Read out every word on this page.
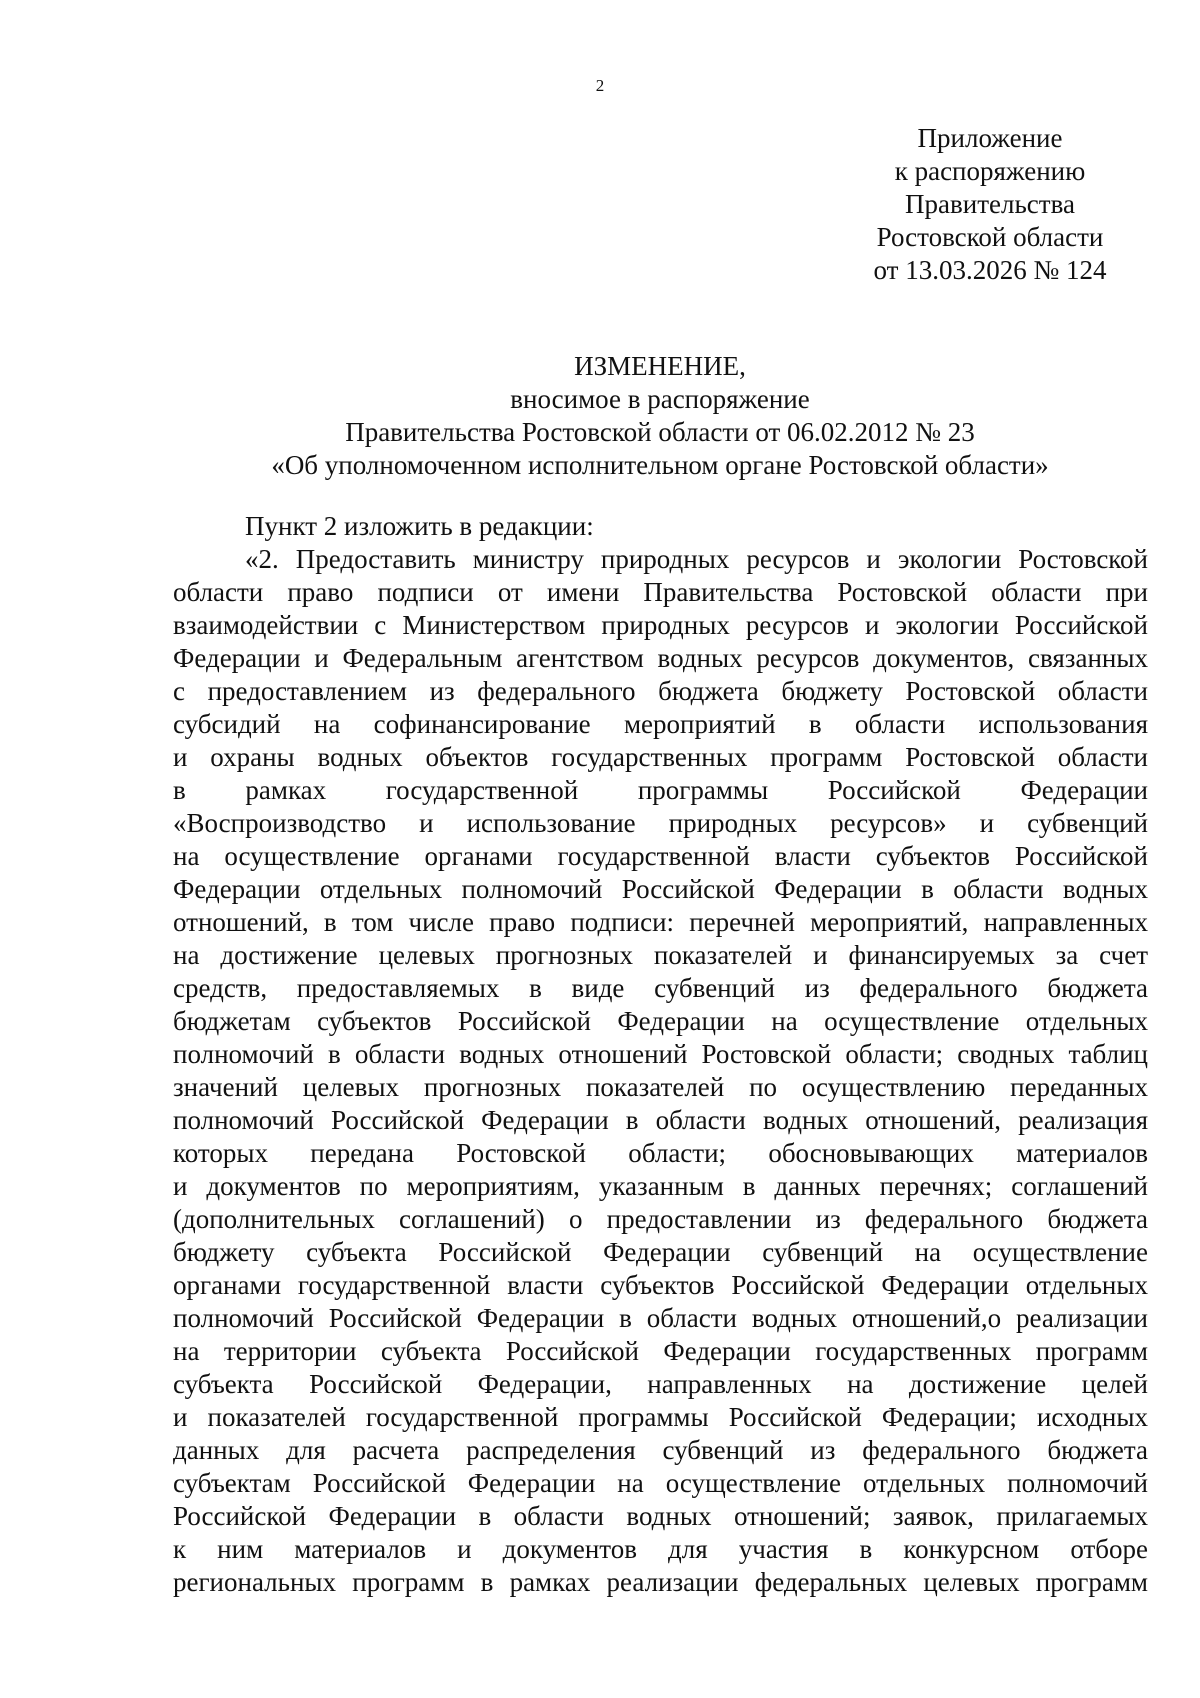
2
Приложение
к распоряжению
Правительства
Ростовской области
от 13.03.2026 № 124
ИЗМЕНЕНИЕ,
вносимое в распоряжение
Правительства Ростовской области от 06.02.2012 № 23
«Об уполномоченном исполнительном органе Ростовской области»
Пункт 2 изложить в редакции:
«2. Предоставить министру природных ресурсов и экологии Ростовской
области право подписи от имени Правительства Ростовской области при
взаимодействии с Министерством природных ресурсов и экологии Российской
Федерации и Федеральным агентством водных ресурсов документов, связанных
с предоставлением из федерального бюджета бюджету Ростовской области
субсидий на софинансирование мероприятий в области использования
и охраны водных объектов государственных программ Ростовской области
в рамках государственной программы Российской Федерации
«Воспроизводство и использование природных ресурсов» и субвенций
на осуществление органами государственной власти субъектов Российской
Федерации отдельных полномочий Российской Федерации в области водных
отношений, в том числе право подписи: перечней мероприятий, направленных
на достижение целевых прогнозных показателей и финансируемых за счет
средств, предоставляемых в виде субвенций из федерального бюджета
бюджетам субъектов Российской Федерации на осуществление отдельных
полномочий в области водных отношений Ростовской области; сводных таблиц
значений целевых прогнозных показателей по осуществлению переданных
полномочий Российской Федерации в области водных отношений, реализация
которых передана Ростовской области; обосновывающих материалов
и документов по мероприятиям, указанным в данных перечнях; соглашений
(дополнительных соглашений) о предоставлении из федерального бюджета
бюджету субъекта Российской Федерации субвенций на осуществление
органами государственной власти субъектов Российской Федерации отдельных
полномочий Российской Федерации в области водных отношений,о реализации
на территории субъекта Российской Федерации государственных программ
субъекта Российской Федерации, направленных на достижение целей
и показателей государственной программы Российской Федерации; исходных
данных для расчета распределения субвенций из федерального бюджета
субъектам Российской Федерации на осуществление отдельных полномочий
Российской Федерации в области водных отношений; заявок, прилагаемых
к ним материалов и документов для участия в конкурсном отборе
региональных программ в рамках реализации федеральных целевых программ
